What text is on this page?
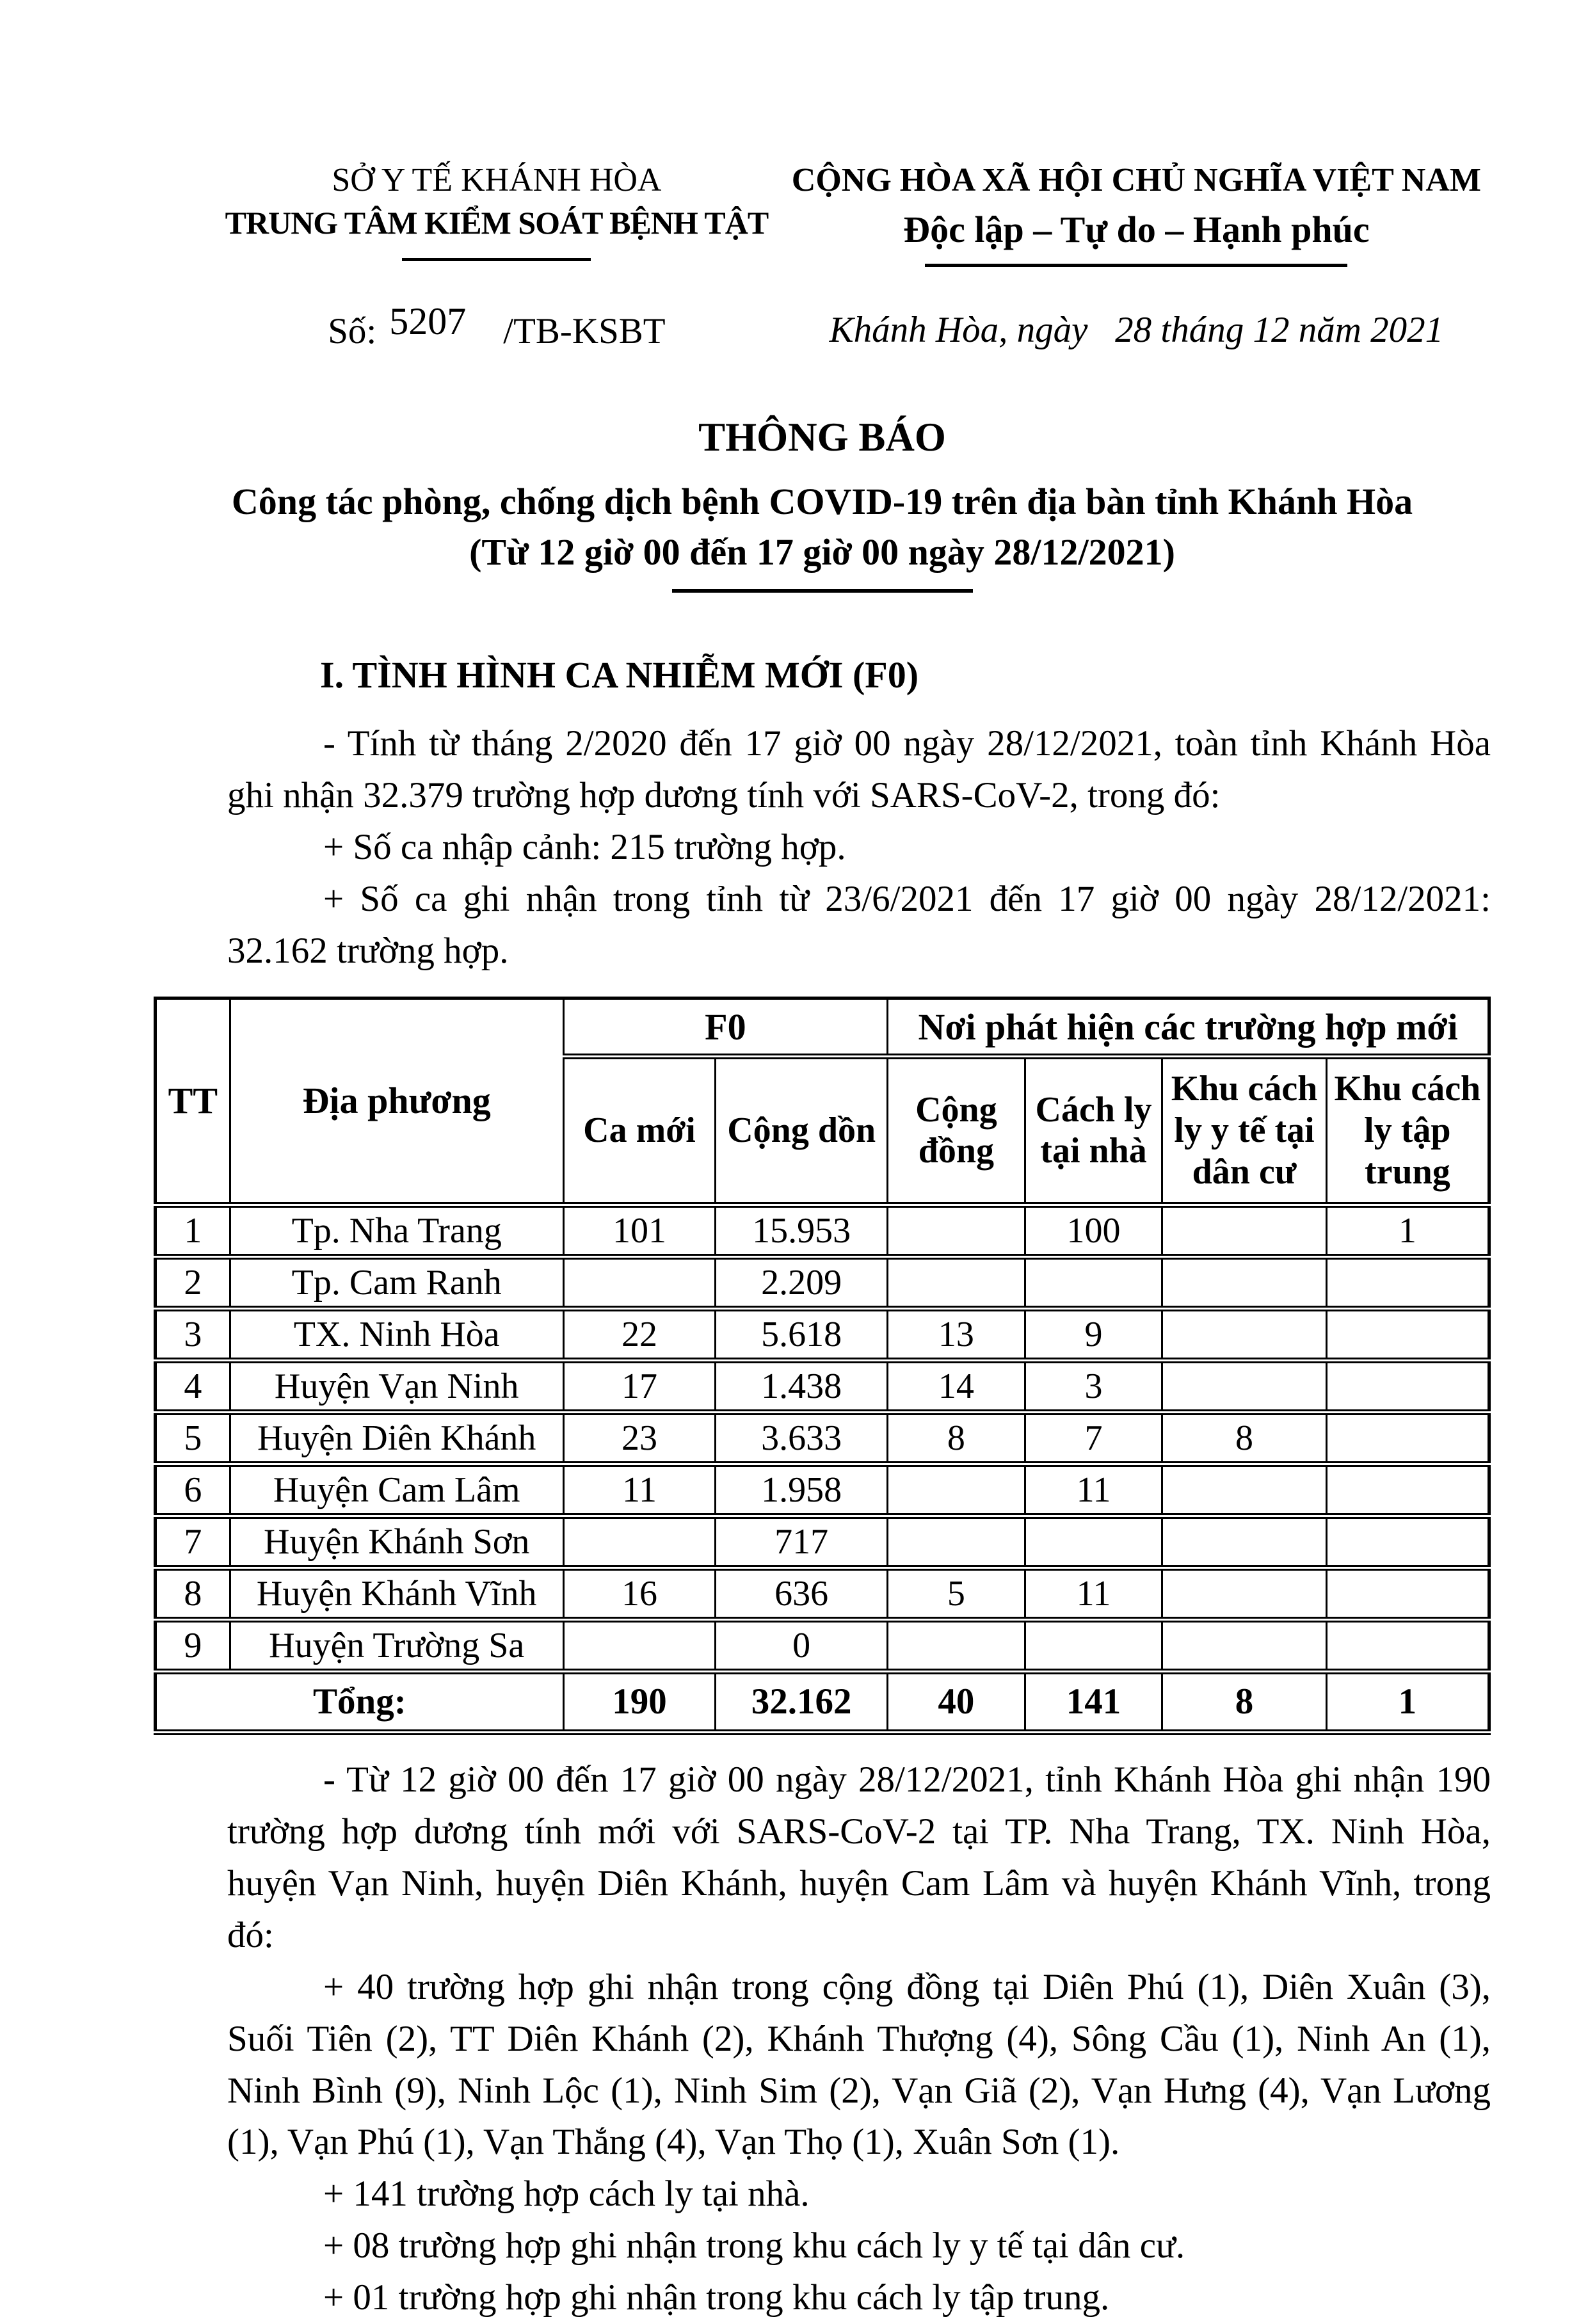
SỞ Y TẾ KHÁNH HÒA
TRUNG TÂM KIỂM SOÁT BỆNH TẬT
Số: 5207 /TB-KSBT
CỘNG HÒA XÃ HỘI CHỦ NGHĨA VIỆT NAM
Độc lập – Tự do – Hạnh phúc
Khánh Hòa, ngày   28 tháng 12 năm 2021
THÔNG BÁO
Công tác phòng, chống dịch bệnh COVID-19 trên địa bàn tỉnh Khánh Hòa
(Từ 12 giờ 00 đến 17 giờ 00 ngày 28/12/2021)
I. TÌNH HÌNH CA NHIỄM MỚI (F0)

- Tính từ tháng 2/2020 đến 17 giờ 00 ngày 28/12/2021, toàn tỉnh Khánh Hòa ghi nhận 32.379 trường hợp dương tính với SARS-CoV-2, trong đó:

+ Số ca nhập cảnh: 215 trường hợp.

+ Số ca ghi nhận trong tỉnh từ 23/6/2021 đến 17 giờ 00 ngày 28/12/2021: 32.162 trường hợp.

TT	Địa phương	F0		Nơi phát hiện các trường hợp mới			
		Ca mới	Cộng dồn	Cộng đồng	Cách ly tại nhà	Khu cách ly y tế tại dân cư	Khu cách ly tập trung
1	Tp. Nha Trang	101	15.953		100		1
2	Tp. Cam Ranh		2.209				
3	TX. Ninh Hòa	22	5.618	13	9		
4	Huyện Vạn Ninh	17	1.438	14	3		
5	Huyện Diên Khánh	23	3.633	8	7	8	
6	Huyện Cam Lâm	11	1.958		11		
7	Huyện Khánh Sơn		717				
8	Huyện Khánh Vĩnh	16	636	5	11		
9	Huyện Trường Sa		0				
Tổng:		190	32.162	40	141	8	1

- Từ 12 giờ 00 đến 17 giờ 00 ngày 28/12/2021, tỉnh Khánh Hòa ghi nhận 190 trường hợp dương tính mới với SARS-CoV-2 tại TP. Nha Trang, TX. Ninh Hòa, huyện Vạn Ninh, huyện Diên Khánh, huyện Cam Lâm và huyện Khánh Vĩnh, trong đó:

+ 40 trường hợp ghi nhận trong cộng đồng tại Diên Phú (1), Diên Xuân (3), Suối Tiên (2), TT Diên Khánh (2), Khánh Thượng (4), Sông Cầu (1), Ninh An (1), Ninh Bình (9), Ninh Lộc (1), Ninh Sim (2), Vạn Giã (2), Vạn Hưng (4), Vạn Lương (1), Vạn Phú (1), Vạn Thắng (4), Vạn Thọ (1), Xuân Sơn (1).

+ 141 trường hợp cách ly tại nhà.

+ 08 trường hợp ghi nhận trong khu cách ly y tế tại dân cư.

+ 01 trường hợp ghi nhận trong khu cách ly tập trung.
